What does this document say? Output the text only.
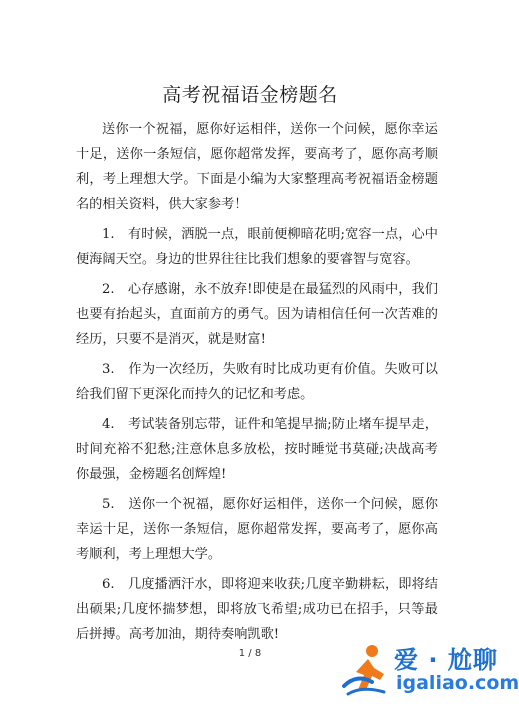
高考祝福语金榜题名

送你一个祝福，愿你好运相伴，送你一个问候，愿你幸运十足，送你一条短信，愿你超常发挥，要高考了，愿你高考顺利，考上理想大学。下面是小编为大家整理高考祝福语金榜题名的相关资料，供大家参考！

1.　有时候，洒脱一点，眼前便柳暗花明;宽容一点，心中便海阔天空。身边的世界往往比我们想象的要睿智与宽容。

2.　心存感谢，永不放弃!即使是在最猛烈的风雨中，我们也要有抬起头，直面前方的勇气。因为请相信任何一次苦难的经历，只要不是消灭，就是财富!

3.　作为一次经历，失败有时比成功更有价值。失败可以给我们留下更深化而持久的记忆和考虑。

4.　考试装备别忘带，证件和笔提早揣;防止堵车提早走，时间充裕不犯愁;注意休息多放松，按时睡觉书莫碰;决战高考你最强，金榜题名创辉煌!

5.　送你一个祝福，愿你好运相伴，送你一个问候，愿你幸运十足，送你一条短信，愿你超常发挥，要高考了，愿你高考顺利，考上理想大学。

6.　几度播洒汗水，即将迎来收获;几度辛勤耕耘，即将结出硕果;几度怀揣梦想，即将放飞希望;成功已在招手，只等最后拼搏。高考加油，期待奏响凯歌!

1 / 8	爱 · 尬聊
igaliao.com
